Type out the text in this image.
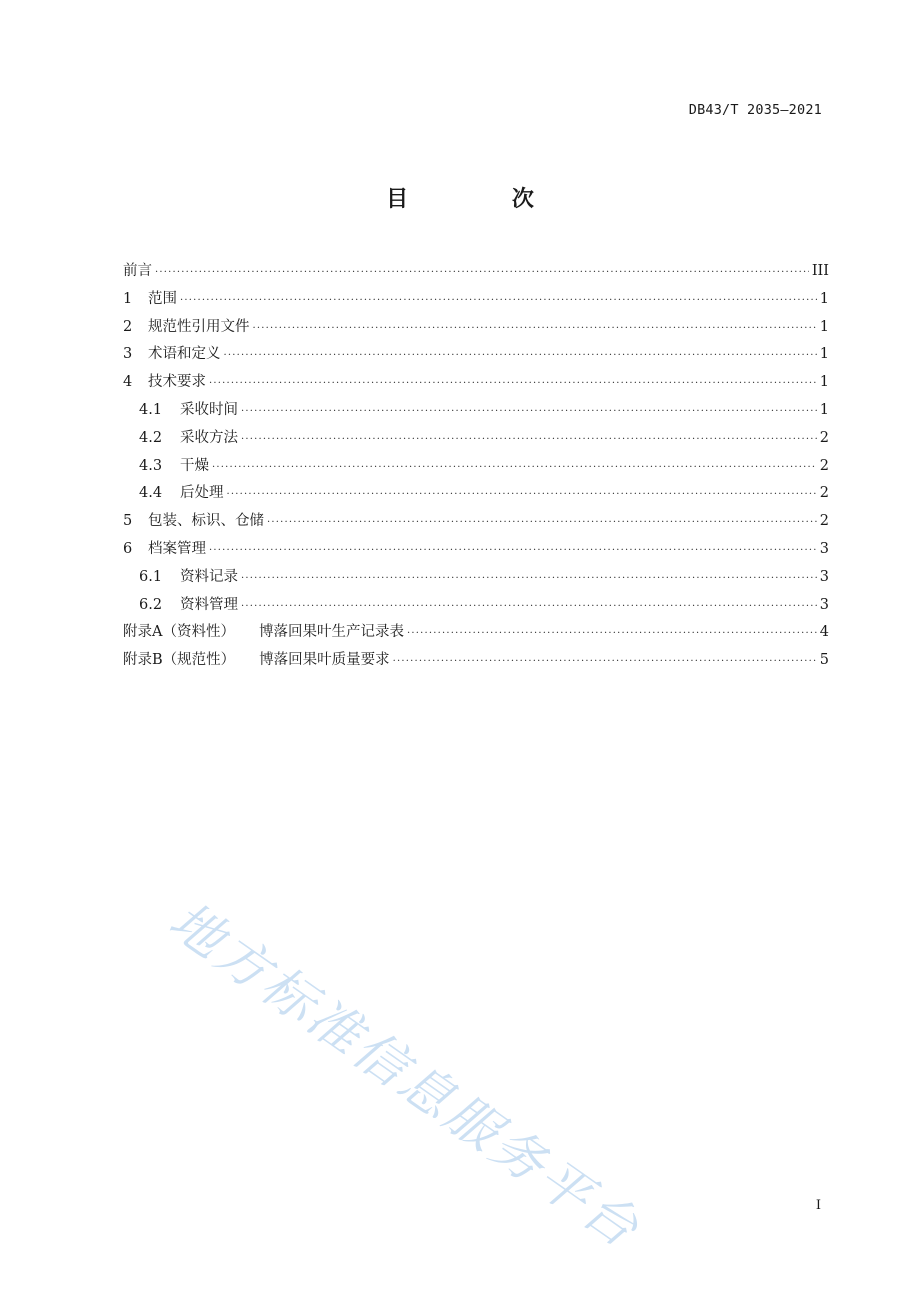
DB43/T 2035—2021
目 次
前言 ·····	III
1	范围 ·····	1
2	规范性引用文件 ·····	1
3	术语和定义 ·····	1
4	技术要求 ·····	1
4.1	采收时间 ·····	1
4.2	采收方法 ·····	2
4.3	干燥 ·····	2
4.4	后处理 ·····	2
5	包装、标识、仓储 ·····	2
6	档案管理 ·····	3
6.1	资料记录 ·····	3
6.2	资料管理 ·····	3
附录A（资料性） 博落回果叶生产记录表 ·····	4
附录B（规范性） 博落回果叶质量要求 ·····	5
地方标准信息服务平台	I
